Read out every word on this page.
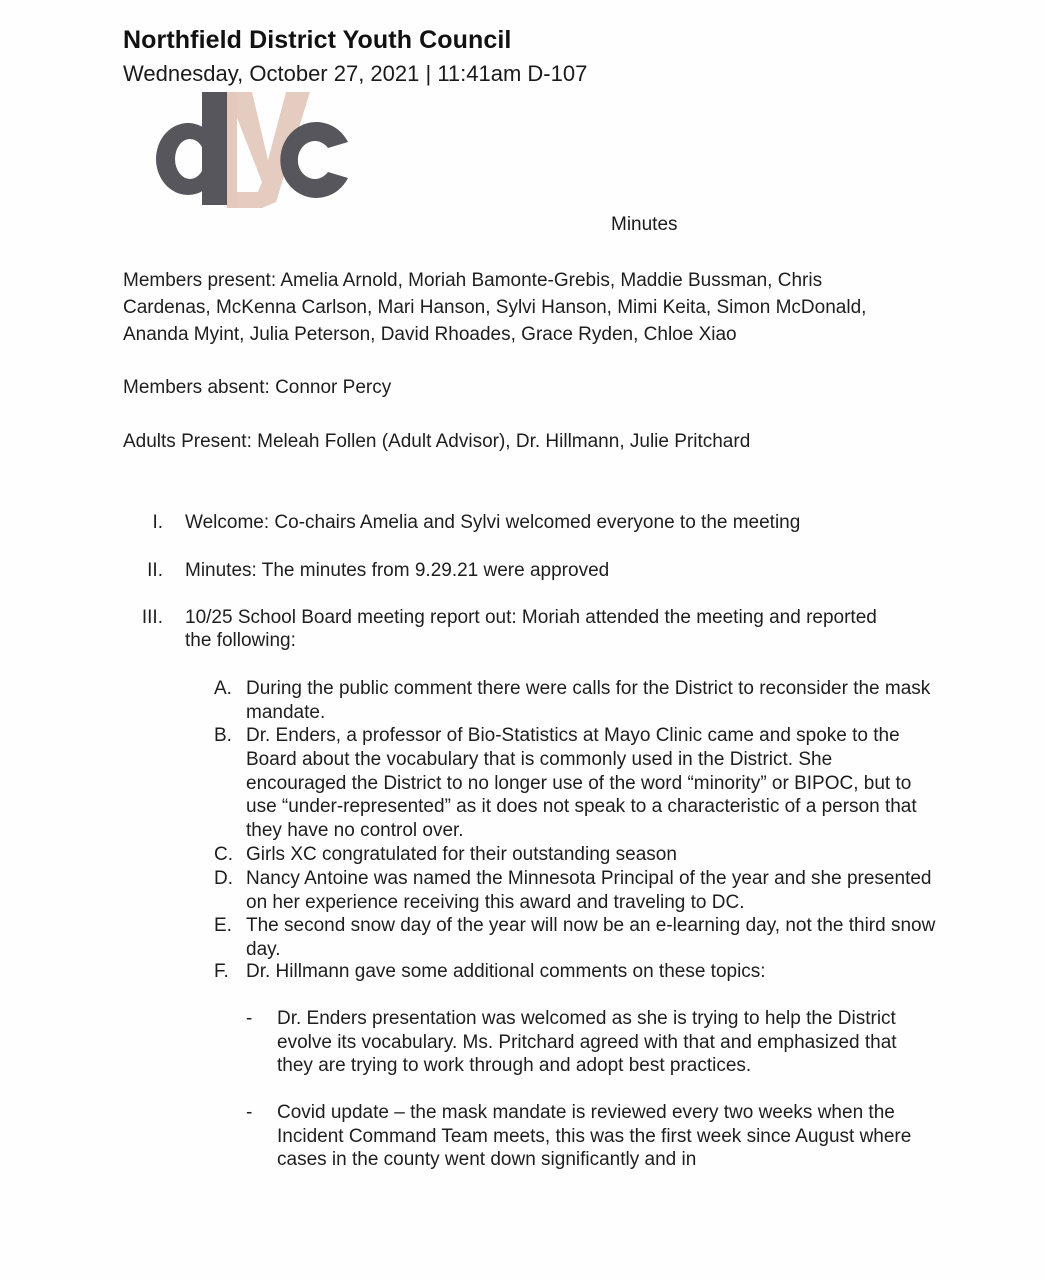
Northfield District Youth Council
Wednesday, October 27, 2021 | 11:41am D-107
Minutes
Members present: Amelia Arnold, Moriah Bamonte-Grebis, Maddie Bussman, Chris Cardenas, McKenna Carlson, Mari Hanson, Sylvi Hanson, Mimi Keita, Simon McDonald, Ananda Myint, Julia Peterson, David Rhoades, Grace Ryden, Chloe Xiao
Members absent: Connor Percy
Adults Present: Meleah Follen (Adult Advisor), Dr. Hillmann, Julie Pritchard
I. Welcome: Co-chairs Amelia and Sylvi welcomed everyone to the meeting
II. Minutes: The minutes from 9.29.21 were approved
III. 10/25 School Board meeting report out: Moriah attended the meeting and reported the following:
A. During the public comment there were calls for the District to reconsider the mask mandate.
B. Dr. Enders, a professor of Bio-Statistics at Mayo Clinic came and spoke to the Board about the vocabulary that is commonly used in the District. She encouraged the District to no longer use of the word “minority” or BIPOC, but to use “under-represented” as it does not speak to a characteristic of a person that they have no control over.
C. Girls XC congratulated for their outstanding season
D. Nancy Antoine was named the Minnesota Principal of the year and she presented on her experience receiving this award and traveling to DC.
E. The second snow day of the year will now be an e-learning day, not the third snow day.
F. Dr. Hillmann gave some additional comments on these topics:
- Dr. Enders presentation was welcomed as she is trying to help the District evolve its vocabulary. Ms. Pritchard agreed with that and emphasized that they are trying to work through and adopt best practices.
- Covid update – the mask mandate is reviewed every two weeks when the Incident Command Team meets, this was the first week since August where cases in the county went down significantly and in
